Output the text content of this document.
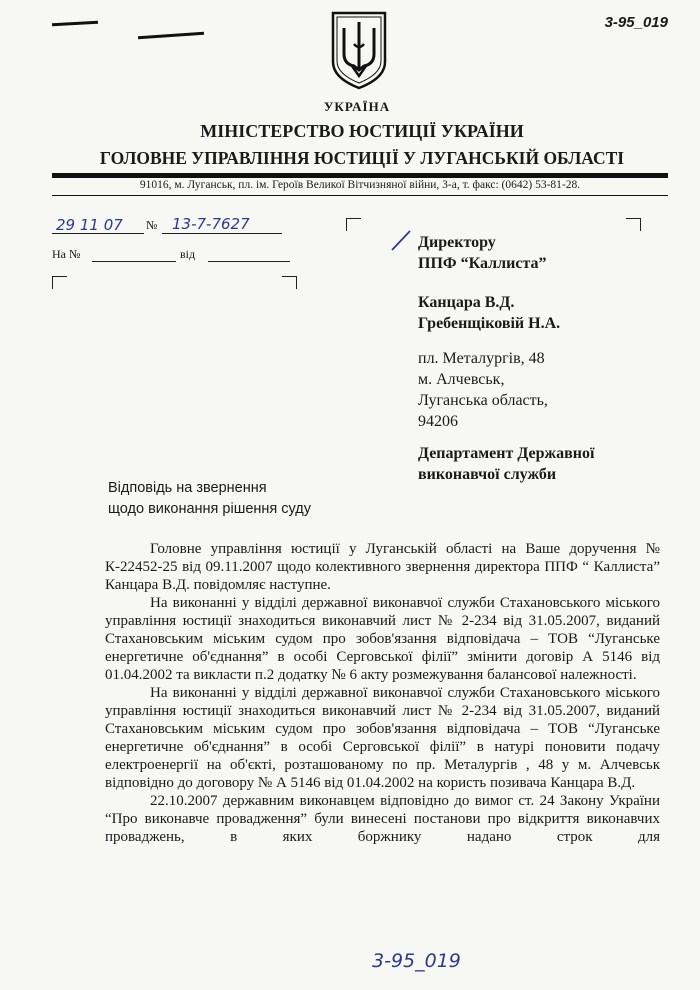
3-95_019
УКРАЇНА
МІНІСТЕРСТВО ЮСТИЦІЇ УКРАЇНИ
ГОЛОВНЕ УПРАВЛІННЯ ЮСТИЦІЇ У ЛУГАНСЬКІЙ ОБЛАСТІ
91016, м. Луганськ, пл. ім. Героїв Великої Вітчизняної війни, 3-а, т. факс: (0642) 53-81-28.
29 11 07 № 13-7-7627
На №	від
Директору
ППФ “Каллиста”
Канцара В.Д.
Гребенщіковій Н.А.
пл. Металургів, 48
м. Алчевськ,
Луганська область,
94206
Департамент Державної
виконавчої служби
Відповідь на звернення
щодо виконання рішення суду

Головне управління юстиції у Луганській області на Ваше доручення № К-22452-25 від 09.11.2007 щодо колективного звернення директора ППФ “ Каллиста” Канцара В.Д. повідомляє наступне.

На виконанні у відділі державної виконавчої служби Стахановського міського управління юстиції знаходиться виконавчий лист № 2-234 від 31.05.2007, виданий Стахановським міським судом про зобов'язання відповідача – ТОВ “Луганське енергетичне об'єднання” в особі Серговської філії” змінити договір А 5146 від 01.04.2002 та викласти п.2 додатку № 6 акту розмежування балансової належності.

На виконанні у відділі державної виконавчої служби Стахановського міського управління юстиції знаходиться виконавчий лист № 2-234 від 31.05.2007, виданий Стахановським міським судом про зобов'язання відповідача – ТОВ “Луганське енергетичне об'єднання” в особі Серговської філії” в натурі поновити подачу електроенергії на об'єкті, розташованому по пр. Металургів , 48 у м. Алчевськ відповідно до договору № А 5146 від 01.04.2002 на користь позивача Канцара В.Д.

22.10.2007 державним виконавцем відповідно до вимог ст. 24 Закону України “Про виконавче провадження” були винесені постанови про відкриття виконавчих проваджень, в яких боржнику надано строк для

3-95_019
